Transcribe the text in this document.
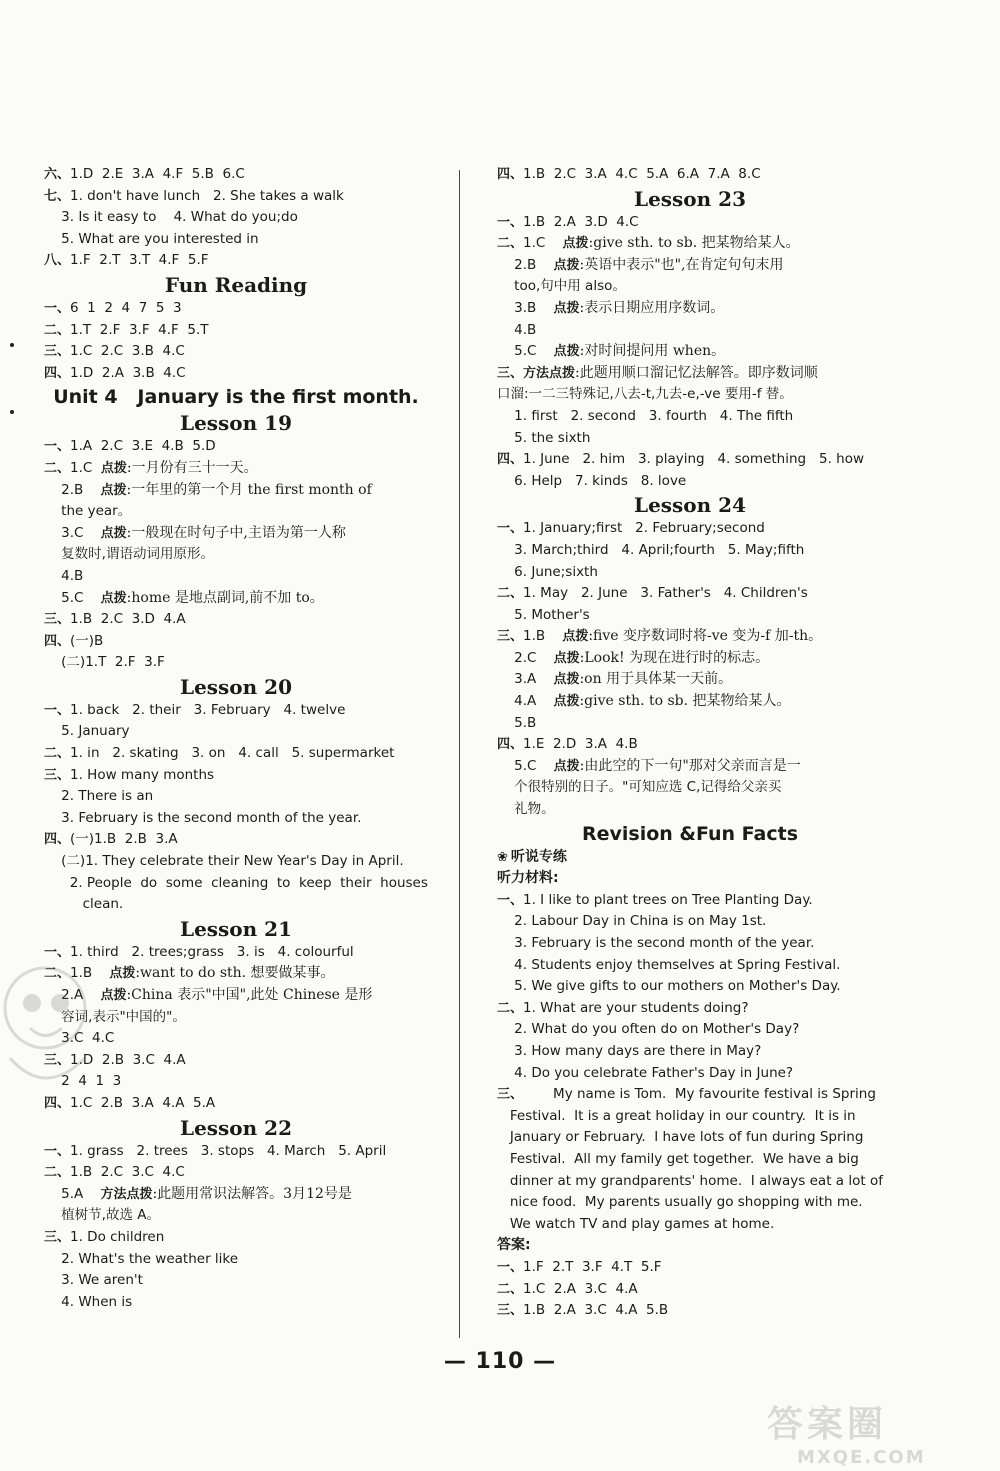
六、1.D  2.E  3.A  4.F  5.B  6.C
七、1. don't have lunch   2. She takes a walk
3. Is it easy to    4. What do you;do
5. What are you interested in
八、1.F  2.T  3.T  4.F  5.F
Fun Reading
一、6  1  2  4  7  5  3
二、1.T  2.F  3.F  4.F  5.T
三、1.C  2.C  3.B  4.C
四、1.D  2.A  3.B  4.C
Unit 4   January is the first month.
Lesson 19
一、1.A  2.C  3.E  4.B  5.D
二、1.C  点拨:一月份有三十一天。
2.B    点拨:一年里的第一个月 the first month of
the year。
3.C    点拨:一般现在时句子中,主语为第一人称
复数时,谓语动词用原形。
4.B
5.C    点拨:home 是地点副词,前不加 to。
三、1.B  2.C  3.D  4.A
四、(一)B
(二)1.T  2.F  3.F
Lesson 20
一、1. back   2. their   3. February   4. twelve
5. January
二、1. in   2. skating   3. on   4. call   5. supermarket
三、1. How many months
2. There is an
3. February is the second month of the year.
四、(一)1.B  2.B  3.A
(二)1. They celebrate their New Year's Day in April.
2. People  do  some  cleaning  to  keep  their  houses
clean.
Lesson 21
一、1. third   2. trees;grass   3. is   4. colourful
二、1.B    点拨:want to do sth. 想要做某事。
2.A    点拨:China 表示"中国",此处 Chinese 是形
容词,表示"中国的"。
3.C  4.C
三、1.D  2.B  3.C  4.A
2  4  1  3
四、1.C  2.B  3.A  4.A  5.A
Lesson 22
一、1. grass   2. trees   3. stops   4. March   5. April
二、1.B  2.C  3.C  4.C
5.A    方法点拨:此题用常识法解答。3月12号是
植树节,故选 A。
三、1. Do children
2. What's the weather like
3. We aren't
4. When is
四、1.B  2.C  3.A  4.C  5.A  6.A  7.A  8.C
Lesson 23
一、1.B  2.A  3.D  4.C
二、1.C    点拨:give sth. to sb. 把某物给某人。
2.B    点拨:英语中表示"也",在肯定句句末用
too,句中用 also。
3.B    点拨:表示日期应用序数词。
4.B
5.C    点拨:对时间提问用 when。
三、方法点拨:此题用顺口溜记忆法解答。即序数词顺
口溜:一二三特殊记,八去-t,九去-e,-ve 要用-f 替。
1. first   2. second   3. fourth   4. The fifth
5. the sixth
四、1. June   2. him   3. playing   4. something   5. how
6. Help   7. kinds   8. love
Lesson 24
一、1. January;first   2. February;second
3. March;third   4. April;fourth   5. May;fifth
6. June;sixth
二、1. May   2. June   3. Father's   4. Children's
5. Mother's
三、1.B    点拨:five 变序数词时将-ve 变为-f 加-th。
2.C    点拨:Look! 为现在进行时的标志。
3.A    点拨:on 用于具体某一天前。
4.A    点拨:give sth. to sb. 把某物给某人。
5.B
四、1.E  2.D  3.A  4.B
5.C    点拨:由此空的下一句"那对父亲而言是一
个很特别的日子。"可知应选 C,记得给父亲买
礼物。
Revision &Fun Facts
❀ 听说专练
听力材料:
一、1. I like to plant trees on Tree Planting Day.
2. Labour Day in China is on May 1st.
3. February is the second month of the year.
4. Students enjoy themselves at Spring Festival.
5. We give gifts to our mothers on Mother's Day.
二、1. What are your students doing?
2. What do you often do on Mother's Day?
3. How many days are there in May?
4. Do you celebrate Father's Day in June?
三、       My name is Tom.  My favourite festival is Spring
Festival.  It is a great holiday in our country.  It is in
January or February.  I have lots of fun during Spring
Festival.  All my family get together.  We have a big
dinner at my grandparents' home.  I always eat a lot of
nice food.  My parents usually go shopping with me.
We watch TV and play games at home.
答案:
一、1.F  2.T  3.F  4.T  5.F
二、1.C  2.A  3.C  4.A
三、1.B  2.A  3.C  4.A  5.B
— 110 —
答案圈
MXQE.COM
